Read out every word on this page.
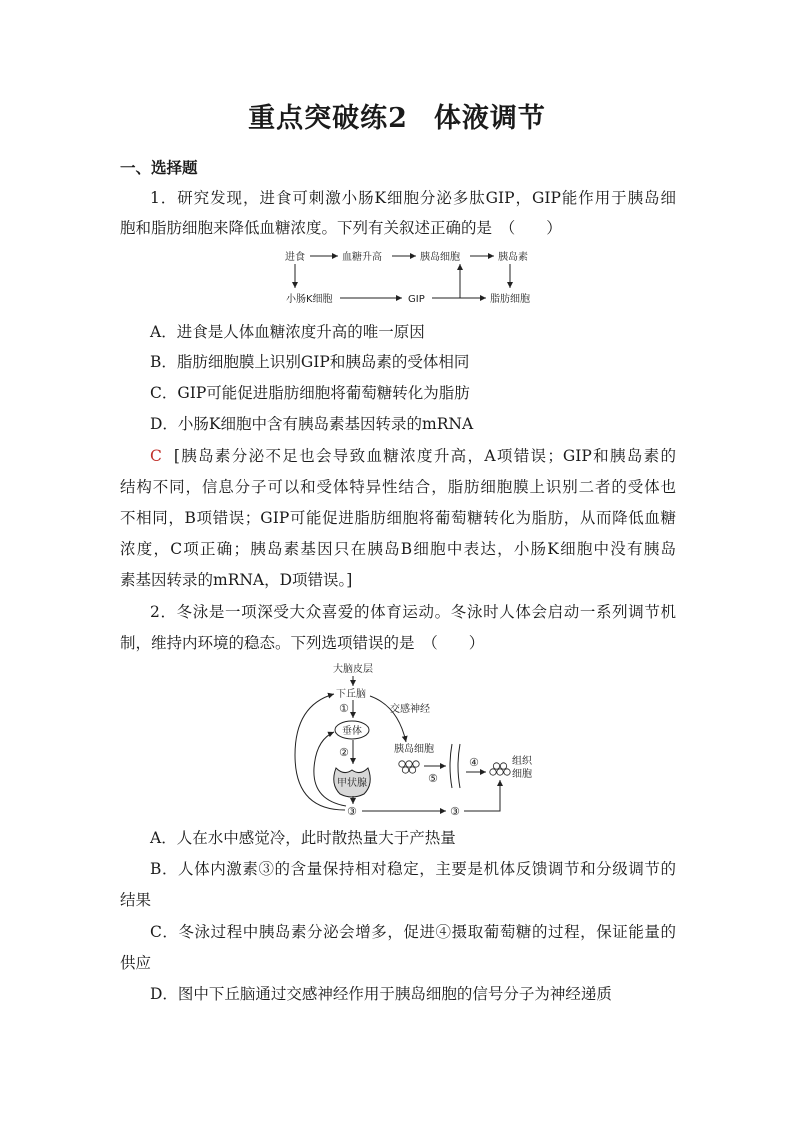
重点突破练2 体液调节
一、选择题
1．研究发现，进食可刺激小肠K细胞分泌多肽GIP，GIP能作用于胰岛细
胞和脂肪细胞来降低血糖浓度。下列有关叙述正确的是　（　　）
进食	血糖升高	胰岛细胞	胰岛素
小肠K细胞	GIP	脂肪细胞
A．进食是人体血糖浓度升高的唯一原因
B．脂肪细胞膜上识别GIP和胰岛素的受体相同
C．GIP可能促进脂肪细胞将葡萄糖转化为脂肪
D．小肠K细胞中含有胰岛素基因转录的mRNA
C [胰岛素分泌不足也会导致血糖浓度升高，A项错误；GIP和胰岛素的
结构不同，信息分子可以和受体特异性结合，脂肪细胞膜上识别二者的受体也
不相同，B项错误；GIP可能促进脂肪细胞将葡萄糖转化为脂肪，从而降低血糖
浓度，C项正确；胰岛素基因只在胰岛B细胞中表达，小肠K细胞中没有胰岛
素基因转录的mRNA，D项错误。]
2．冬泳是一项深受大众喜爱的体育运动。冬泳时人体会启动一系列调节机
制，维持内环境的稳态。下列选项错误的是　（　　）
大脑皮层
下丘脑
①	交感神经
垂体
②
甲状腺
③	③
胰岛细胞
⑤
④	组织
细胞
A．人在水中感觉冷，此时散热量大于产热量
B．人体内激素③的含量保持相对稳定，主要是机体反馈调节和分级调节的
结果
C．冬泳过程中胰岛素分泌会增多，促进④摄取葡萄糖的过程，保证能量的
供应
D．图中下丘脑通过交感神经作用于胰岛细胞的信号分子为神经递质
